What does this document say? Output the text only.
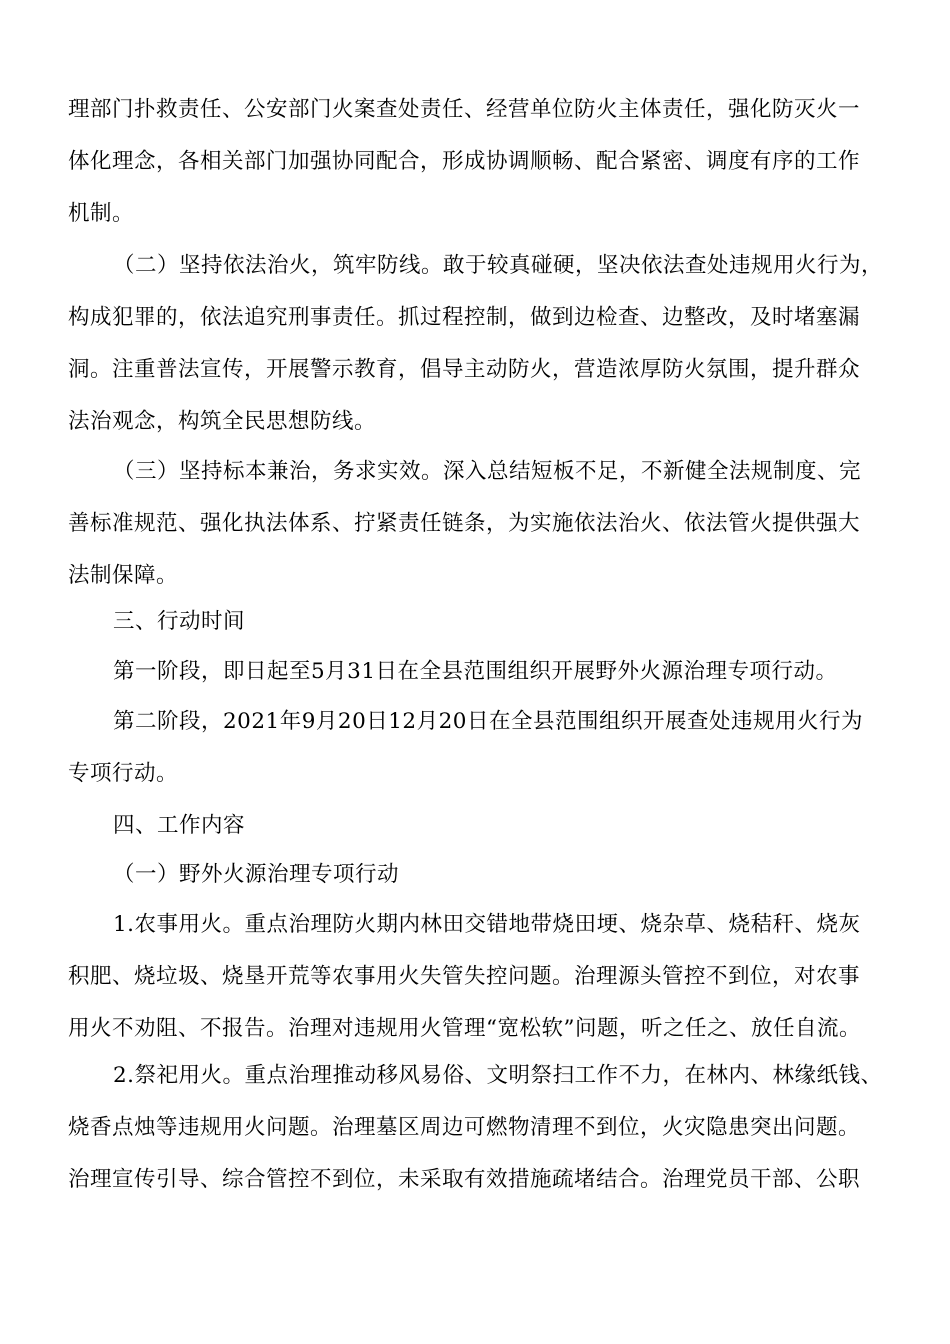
理部门扑救责任、公安部门火案查处责任、经营单位防火主体责任，强化防灭火一
体化理念，各相关部门加强协同配合，形成协调顺畅、配合紧密、调度有序的工作
机制。

（二）坚持依法治火，筑牢防线。敢于较真碰硬，坚决依法查处违规用火行为，
构成犯罪的，依法追究刑事责任。抓过程控制，做到边检查、边整改，及时堵塞漏
洞。注重普法宣传，开展警示教育，倡导主动防火，营造浓厚防火氛围，提升群众
法治观念，构筑全民思想防线。

（三）坚持标本兼治，务求实效。深入总结短板不足，不新健全法规制度、完
善标准规范、强化执法体系、拧紧责任链条，为实施依法治火、依法管火提供强大
法制保障。

三、行动时间

第一阶段，即日起至5月31日在全县范围组织开展野外火源治理专项行动。

第二阶段，2021年9月20日12月20日在全县范围组织开展查处违规用火行为
专项行动。

四、工作内容

（一）野外火源治理专项行动

1.农事用火。重点治理防火期内林田交错地带烧田埂、烧杂草、烧秸秆、烧灰
积肥、烧垃圾、烧垦开荒等农事用火失管失控问题。治理源头管控不到位，对农事
用火不劝阻、不报告。治理对违规用火管理“宽松软”问题，听之任之、放任自流。

2.祭祀用火。重点治理推动移风易俗、文明祭扫工作不力，在林内、林缘纸钱、
烧香点烛等违规用火问题。治理墓区周边可燃物清理不到位，火灾隐患突出问题。
治理宣传引导、综合管控不到位，未采取有效措施疏堵结合。治理党员干部、公职
